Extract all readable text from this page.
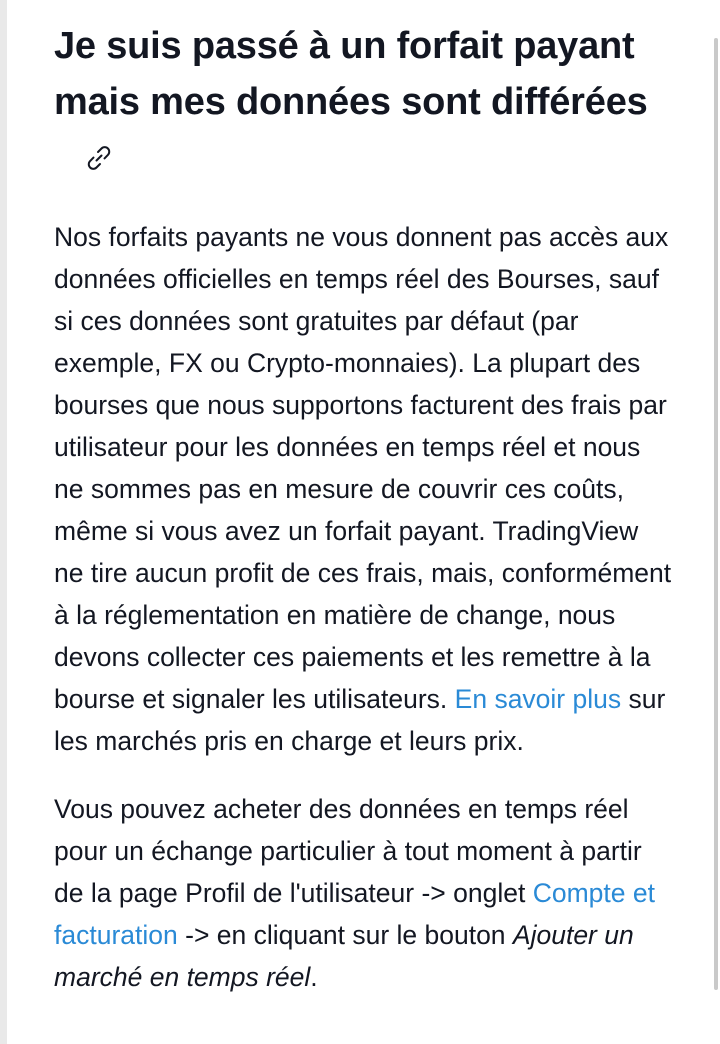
Je suis passé à un forfait payant mais mes données sont différées

Nos forfaits payants ne vous donnent pas accès aux données officielles en temps réel des Bourses, sauf si ces données sont gratuites par défaut (par exemple, FX ou Crypto-monnaies). La plupart des bourses que nous supportons facturent des frais par utilisateur pour les données en temps réel et nous ne sommes pas en mesure de couvrir ces coûts, même si vous avez un forfait payant. TradingView ne tire aucun profit de ces frais, mais, conformément à la réglementation en matière de change, nous devons collecter ces paiements et les remettre à la bourse et signaler les utilisateurs. En savoir plus sur les marchés pris en charge et leurs prix.

Vous pouvez acheter des données en temps réel pour un échange particulier à tout moment à partir de la page Profil de l'utilisateur -> onglet Compte et facturation -> en cliquant sur le bouton Ajouter un marché en temps réel.
